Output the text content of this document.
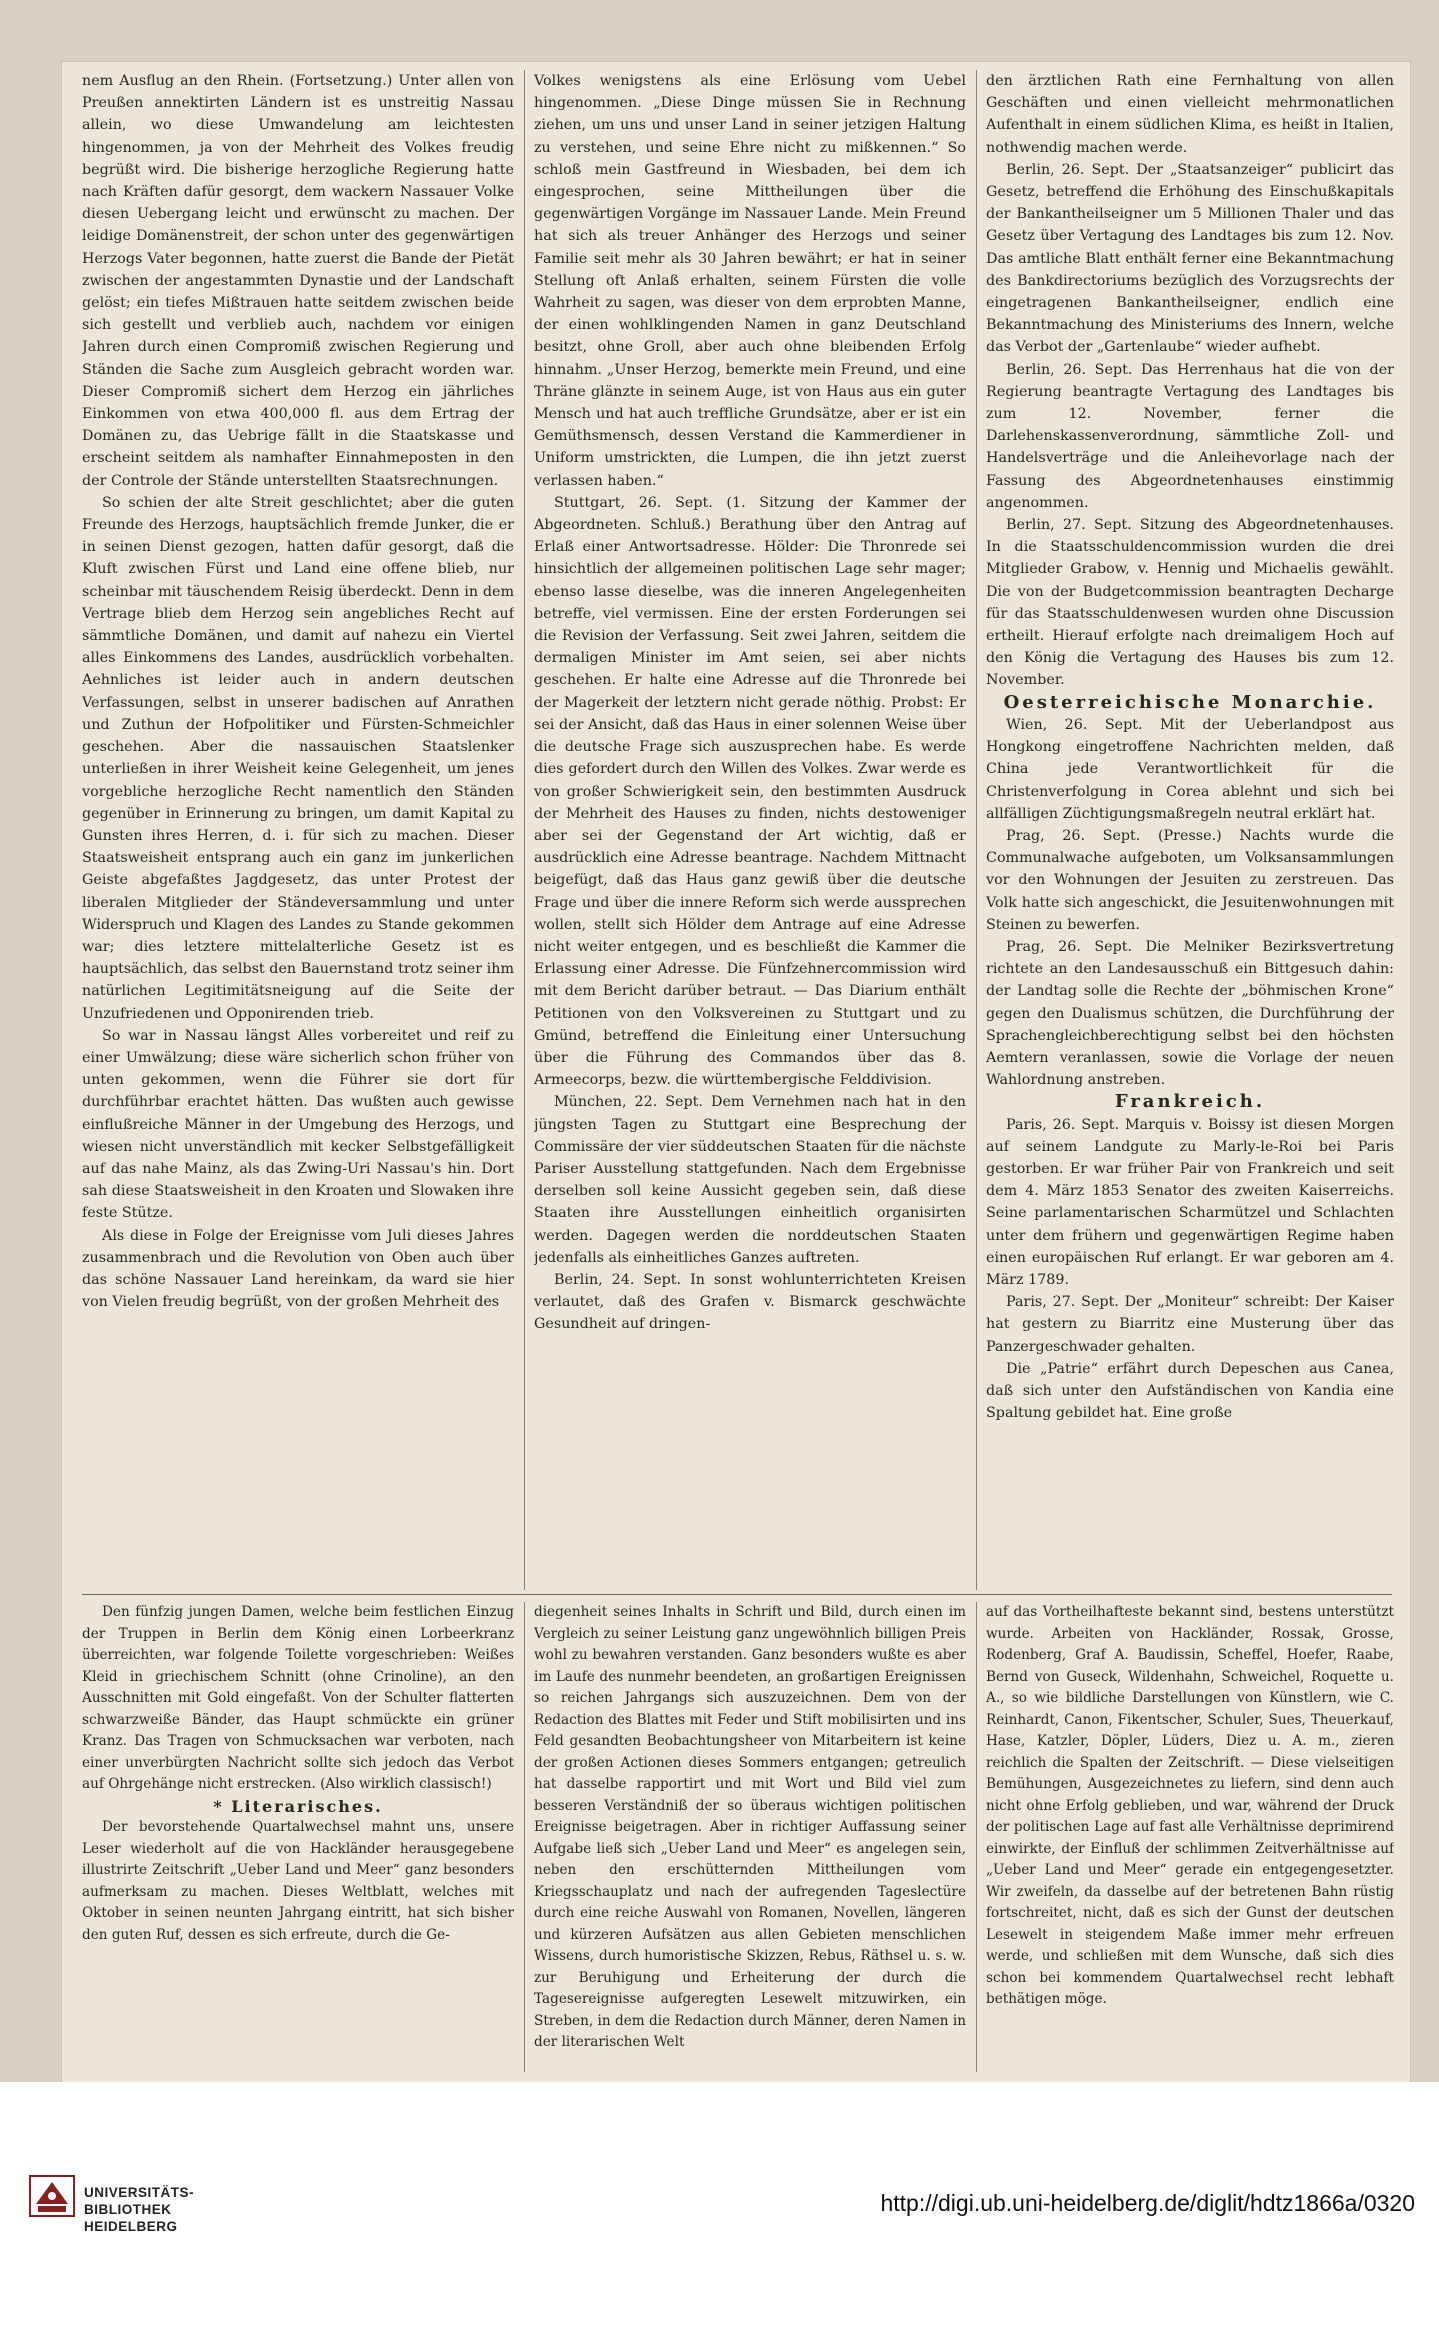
nem Ausflug an den Rhein. (Fortsetzung.) Unter allen von Preußen annektirten Ländern ist es unstreitig Nassau allein, wo diese Umwandelung am leichtesten hingenommen, ja von der Mehrheit des Volkes freudig begrüßt wird. Die bisherige herzogliche Regierung hatte nach Kräften dafür gesorgt, dem wackern Nassauer Volke diesen Uebergang leicht und erwünscht zu machen. Der leidige Domänenstreit, der schon unter des gegenwärtigen Herzogs Vater begonnen, hatte zuerst die Bande der Pietät zwischen der angestammten Dynastie und der Landschaft gelöst; ein tiefes Mißtrauen hatte seitdem zwischen beide sich gestellt und verblieb auch, nachdem vor einigen Jahren durch einen Compromiß zwischen Regierung und Ständen die Sache zum Ausgleich gebracht worden war. Dieser Compromiß sichert dem Herzog ein jährliches Einkommen von etwa 400,000 fl. aus dem Ertrag der Domänen zu, das Uebrige fällt in die Staatskasse und erscheint seitdem als namhafter Einnahmeposten in den der Controle der Stände unterstellten Staatsrechnungen.

So schien der alte Streit geschlichtet; aber die guten Freunde des Herzogs, hauptsächlich fremde Junker, die er in seinen Dienst gezogen, hatten dafür gesorgt, daß die Kluft zwischen Fürst und Land eine offene blieb, nur scheinbar mit täuschendem Reisig überdeckt. Denn in dem Vertrage blieb dem Herzog sein angebliches Recht auf sämmtliche Domänen, und damit auf nahezu ein Viertel alles Einkommens des Landes, ausdrücklich vorbehalten. Aehnliches ist leider auch in andern deutschen Verfassungen, selbst in unserer badischen auf Anrathen und Zuthun der Hofpolitiker und Fürsten-Schmeichler geschehen. Aber die nassauischen Staatslenker unterließen in ihrer Weisheit keine Gelegenheit, um jenes vorgebliche herzogliche Recht namentlich den Ständen gegenüber in Erinnerung zu bringen, um damit Kapital zu Gunsten ihres Herren, d. i. für sich zu machen. Dieser Staatsweisheit entsprang auch ein ganz im junkerlichen Geiste abgefaßtes Jagdgesetz, das unter Protest der liberalen Mitglieder der Ständeversammlung und unter Widerspruch und Klagen des Landes zu Stande gekommen war; dies letztere mittelalterliche Gesetz ist es hauptsächlich, das selbst den Bauernstand trotz seiner ihm natürlichen Legitimitätsneigung auf die Seite der Unzufriedenen und Opponirenden trieb.

So war in Nassau längst Alles vorbereitet und reif zu einer Umwälzung; diese wäre sicherlich schon früher von unten gekommen, wenn die Führer sie dort für durchführbar erachtet hätten. Das wußten auch gewisse einflußreiche Männer in der Umgebung des Herzogs, und wiesen nicht unverständlich mit kecker Selbstgefälligkeit auf das nahe Mainz, als das Zwing-Uri Nassau's hin. Dort sah diese Staatsweisheit in den Kroaten und Slowaken ihre feste Stütze.

Als diese in Folge der Ereignisse vom Juli dieses Jahres zusammenbrach und die Revolution von Oben auch über das schöne Nassauer Land hereinkam, da ward sie hier von Vielen freudig begrüßt, von der großen Mehrheit des

Volkes wenigstens als eine Erlösung vom Uebel hingenommen. „Diese Dinge müssen Sie in Rechnung ziehen, um uns und unser Land in seiner jetzigen Haltung zu verstehen, und seine Ehre nicht zu mißkennen.“ So schloß mein Gastfreund in Wiesbaden, bei dem ich eingesprochen, seine Mittheilungen über die gegenwärtigen Vorgänge im Nassauer Lande. Mein Freund hat sich als treuer Anhänger des Herzogs und seiner Familie seit mehr als 30 Jahren bewährt; er hat in seiner Stellung oft Anlaß erhalten, seinem Fürsten die volle Wahrheit zu sagen, was dieser von dem erprobten Manne, der einen wohlklingenden Namen in ganz Deutschland besitzt, ohne Groll, aber auch ohne bleibenden Erfolg hinnahm. „Unser Herzog, bemerkte mein Freund, und eine Thräne glänzte in seinem Auge, ist von Haus aus ein guter Mensch und hat auch treffliche Grundsätze, aber er ist ein Gemüthsmensch, dessen Verstand die Kammerdiener in Uniform umstrickten, die Lumpen, die ihn jetzt zuerst verlassen haben.“

Stuttgart, 26. Sept. (1. Sitzung der Kammer der Abgeordneten. Schluß.) Berathung über den Antrag auf Erlaß einer Antwortsadresse. Hölder: Die Thronrede sei hinsichtlich der allgemeinen politischen Lage sehr mager; ebenso lasse dieselbe, was die inneren Angelegenheiten betreffe, viel vermissen. Eine der ersten Forderungen sei die Revision der Verfassung. Seit zwei Jahren, seitdem die dermaligen Minister im Amt seien, sei aber nichts geschehen. Er halte eine Adresse auf die Thronrede bei der Magerkeit der letztern nicht gerade nöthig. Probst: Er sei der Ansicht, daß das Haus in einer solennen Weise über die deutsche Frage sich auszusprechen habe. Es werde dies gefordert durch den Willen des Volkes. Zwar werde es von großer Schwierigkeit sein, den bestimmten Ausdruck der Mehrheit des Hauses zu finden, nichts destoweniger aber sei der Gegenstand der Art wichtig, daß er ausdrücklich eine Adresse beantrage. Nachdem Mittnacht beigefügt, daß das Haus ganz gewiß über die deutsche Frage und über die innere Reform sich werde aussprechen wollen, stellt sich Hölder dem Antrage auf eine Adresse nicht weiter entgegen, und es beschließt die Kammer die Erlassung einer Adresse. Die Fünfzehnercommission wird mit dem Bericht darüber betraut. — Das Diarium enthält Petitionen von den Volksvereinen zu Stuttgart und zu Gmünd, betreffend die Einleitung einer Untersuchung über die Führung des Commandos über das 8. Armeecorps, bezw. die württembergische Felddivision.

München, 22. Sept. Dem Vernehmen nach hat in den jüngsten Tagen zu Stuttgart eine Besprechung der Commissäre der vier süddeutschen Staaten für die nächste Pariser Ausstellung stattgefunden. Nach dem Ergebnisse derselben soll keine Aussicht gegeben sein, daß diese Staaten ihre Ausstellungen einheitlich organisirten werden. Dagegen werden die norddeutschen Staaten jedenfalls als einheitliches Ganzes auftreten.

Berlin, 24. Sept. In sonst wohlunterrichteten Kreisen verlautet, daß des Grafen v. Bismarck geschwächte Gesundheit auf dringen-

den ärztlichen Rath eine Fernhaltung von allen Geschäften und einen vielleicht mehrmonatlichen Aufenthalt in einem südlichen Klima, es heißt in Italien, nothwendig machen werde.

Berlin, 26. Sept. Der „Staatsanzeiger“ publicirt das Gesetz, betreffend die Erhöhung des Einschußkapitals der Bankantheilseigner um 5 Millionen Thaler und das Gesetz über Vertagung des Landtages bis zum 12. Nov. Das amtliche Blatt enthält ferner eine Bekanntmachung des Bankdirectoriums bezüglich des Vorzugsrechts der eingetragenen Bankantheilseigner, endlich eine Bekanntmachung des Ministeriums des Innern, welche das Verbot der „Gartenlaube“ wieder aufhebt.

Berlin, 26. Sept. Das Herrenhaus hat die von der Regierung beantragte Vertagung des Landtages bis zum 12. November, ferner die Darlehenskassenverordnung, sämmtliche Zoll- und Handelsverträge und die Anleihevorlage nach der Fassung des Abgeordnetenhauses einstimmig angenommen.

Berlin, 27. Sept. Sitzung des Abgeordnetenhauses. In die Staatsschuldencommission wurden die drei Mitglieder Grabow, v. Hennig und Michaelis gewählt. Die von der Budgetcommission beantragten Decharge für das Staatsschuldenwesen wurden ohne Discussion ertheilt. Hierauf erfolgte nach dreimaligem Hoch auf den König die Vertagung des Hauses bis zum 12. November.

Oesterreichische Monarchie.

Wien, 26. Sept. Mit der Ueberlandpost aus Hongkong eingetroffene Nachrichten melden, daß China jede Verantwortlichkeit für die Christenverfolgung in Corea ablehnt und sich bei allfälligen Züchtigungsmaßregeln neutral erklärt hat.

Prag, 26. Sept. (Presse.) Nachts wurde die Communalwache aufgeboten, um Volksansammlungen vor den Wohnungen der Jesuiten zu zerstreuen. Das Volk hatte sich angeschickt, die Jesuitenwohnungen mit Steinen zu bewerfen.

Prag, 26. Sept. Die Melniker Bezirksvertretung richtete an den Landesausschuß ein Bittgesuch dahin: der Landtag solle die Rechte der „böhmischen Krone“ gegen den Dualismus schützen, die Durchführung der Sprachengleichberechtigung selbst bei den höchsten Aemtern veranlassen, sowie die Vorlage der neuen Wahlordnung anstreben.

Frankreich.

Paris, 26. Sept. Marquis v. Boissy ist diesen Morgen auf seinem Landgute zu Marly-le-Roi bei Paris gestorben. Er war früher Pair von Frankreich und seit dem 4. März 1853 Senator des zweiten Kaiserreichs. Seine parlamentarischen Scharmützel und Schlachten unter dem frühern und gegenwärtigen Regime haben einen europäischen Ruf erlangt. Er war geboren am 4. März 1789.

Paris, 27. Sept. Der „Moniteur“ schreibt: Der Kaiser hat gestern zu Biarritz eine Musterung über das Panzergeschwader gehalten.

Die „Patrie“ erfährt durch Depeschen aus Canea, daß sich unter den Aufständischen von Kandia eine Spaltung gebildet hat. Eine große

Den fünfzig jungen Damen, welche beim festlichen Einzug der Truppen in Berlin dem König einen Lorbeerkranz überreichten, war folgende Toilette vorgeschrieben: Weißes Kleid in griechischem Schnitt (ohne Crinoline), an den Ausschnitten mit Gold eingefaßt. Von der Schulter flatterten schwarzweiße Bänder, das Haupt schmückte ein grüner Kranz. Das Tragen von Schmucksachen war verboten, nach einer unverbürgten Nachricht sollte sich jedoch das Verbot auf Ohrgehänge nicht erstrecken. (Also wirklich classisch!)

* Literarisches.

Der bevorstehende Quartalwechsel mahnt uns, unsere Leser wiederholt auf die von Hackländer herausgegebene illustrirte Zeitschrift „Ueber Land und Meer“ ganz besonders aufmerksam zu machen. Dieses Weltblatt, welches mit Oktober in seinen neunten Jahrgang eintritt, hat sich bisher den guten Ruf, dessen es sich erfreute, durch die Ge-

diegenheit seines Inhalts in Schrift und Bild, durch einen im Vergleich zu seiner Leistung ganz ungewöhnlich billigen Preis wohl zu bewahren verstanden. Ganz besonders wußte es aber im Laufe des nunmehr beendeten, an großartigen Ereignissen so reichen Jahrgangs sich auszuzeichnen. Dem von der Redaction des Blattes mit Feder und Stift mobilisirten und ins Feld gesandten Beobachtungsheer von Mitarbeitern ist keine der großen Actionen dieses Sommers entgangen; getreulich hat dasselbe rapportirt und mit Wort und Bild viel zum besseren Verständniß der so überaus wichtigen politischen Ereignisse beigetragen. Aber in richtiger Auffassung seiner Aufgabe ließ sich „Ueber Land und Meer“ es angelegen sein, neben den erschütternden Mittheilungen vom Kriegsschauplatz und nach der aufregenden Tageslectüre durch eine reiche Auswahl von Romanen, Novellen, längeren und kürzeren Aufsätzen aus allen Gebieten menschlichen Wissens, durch humoristische Skizzen, Rebus, Räthsel u. s. w. zur Beruhigung und Erheiterung der durch die Tagesereignisse aufgeregten Lesewelt mitzuwirken, ein Streben, in dem die Redaction durch Männer, deren Namen in der literarischen Welt

auf das Vortheilhafteste bekannt sind, bestens unterstützt wurde. Arbeiten von Hackländer, Rossak, Grosse, Rodenberg, Graf A. Baudissin, Scheffel, Hoefer, Raabe, Bernd von Guseck, Wildenhahn, Schweichel, Roquette u. A., so wie bildliche Darstellungen von Künstlern, wie C. Reinhardt, Canon, Fikentscher, Schuler, Sues, Theuerkauf, Hase, Katzler, Döpler, Lüders, Diez u. A. m., zieren reichlich die Spalten der Zeitschrift. — Diese vielseitigen Bemühungen, Ausgezeichnetes zu liefern, sind denn auch nicht ohne Erfolg geblieben, und war, während der Druck der politischen Lage auf fast alle Verhältnisse deprimirend einwirkte, der Einfluß der schlimmen Zeitverhältnisse auf „Ueber Land und Meer“ gerade ein entgegengesetzter. Wir zweifeln, da dasselbe auf der betretenen Bahn rüstig fortschreitet, nicht, daß es sich der Gunst der deutschen Lesewelt in steigendem Maße immer mehr erfreuen werde, und schließen mit dem Wunsche, daß sich dies schon bei kommendem Quartalwechsel recht lebhaft bethätigen möge.

UNIVERSITÄTS-
BIBLIOTHEK
HEIDELBERG
http://digi.ub.uni-heidelberg.de/diglit/hdtz1866a/0320
